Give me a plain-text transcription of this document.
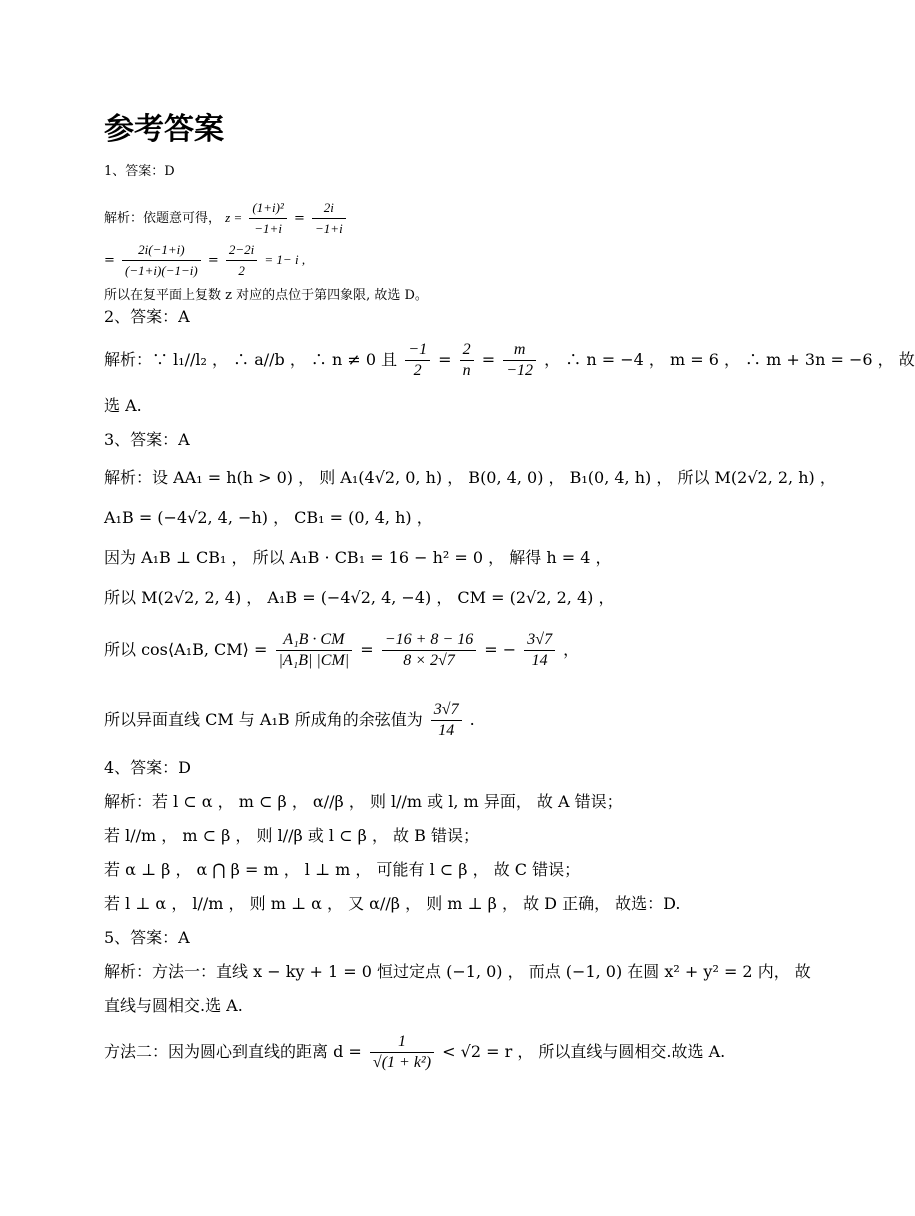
参考答案
1、答案：D
解析：依题意可得， $z = \frac{\text{(1+i)²}}{-1+i} = \frac{2i}{-1+i}$
= $\frac{2i(-1+i)}{(-1+i)(-1-i)} = \frac{2-2i}{2} = 1- i$ ,
所以在复平面上复数 z 对应的点位于第四象限, 故选 D。
2、答案：A
解析：∵ l₁//l₂ ， ∴ a//b ， ∴ n ≠ 0 且 $\frac{-1}{2} = \frac{2}{n} = \frac{m}{-12}$ ， ∴ n = −4 ， m = 6 ， ∴ m + 3n = −6 ， 故
选 A.
3、答案：A
解析：设 AA₁ = h(h > 0) ， 则 A₁(4√2, 0, h) ， B(0, 4, 0) ， B₁(0, 4, h) ， 所以 M(2√2, 2, h) ，
A₁B = (−4√2, 4, −h) ， CB₁ = (0, 4, h) ，
因为 A₁B ⊥ CB₁ ， 所以 A₁B · CB₁ = 16 − h² = 0 ， 解得 h = 4 ，
所以 M(2√2, 2, 4) ， A₁B = (−4√2, 4, −4) ， CM = (2√2, 2, 4) ，
所以 cos⟨A₁B, CM⟩ = $\frac{\text{A₁B · CM}}{\text{|A₁B| |CM|}} = \frac{-16 + 8 - 16}{8 \times 2√7}$ = − $\frac{3√7}{14}$ ，
所以异面直线 CM 与 A₁B 所成角的余弦值为 $\frac{3√7}{14}$ .
4、答案：D
解析：若 l ⊂ α ， m ⊂ β ， α//β ， 则 l//m 或 l, m 异面， 故 A 错误；
若 l//m ， m ⊂ β ， 则 l//β 或 l ⊂ β ， 故 B 错误；
若 α ⊥ β ， α ⋂ β = m ， l ⊥ m ， 可能有 l ⊂ β ， 故 C 错误；
若 l ⊥ α ， l//m ， 则 m ⊥ α ， 又 α//β ， 则 m ⊥ β ， 故 D 正确， 故选：D.
5、答案：A
解析：方法一：直线 x − ky + 1 = 0 恒过定点 (−1, 0) ， 而点 (−1, 0) 在圆 x² + y² = 2 内， 故
直线与圆相交.选 A.
方法二：因为圆心到直线的距离 $d = \frac{1}{\text{√(1 + k²)}} < √2 = r$ ， 所以直线与圆相交.故选 A.
